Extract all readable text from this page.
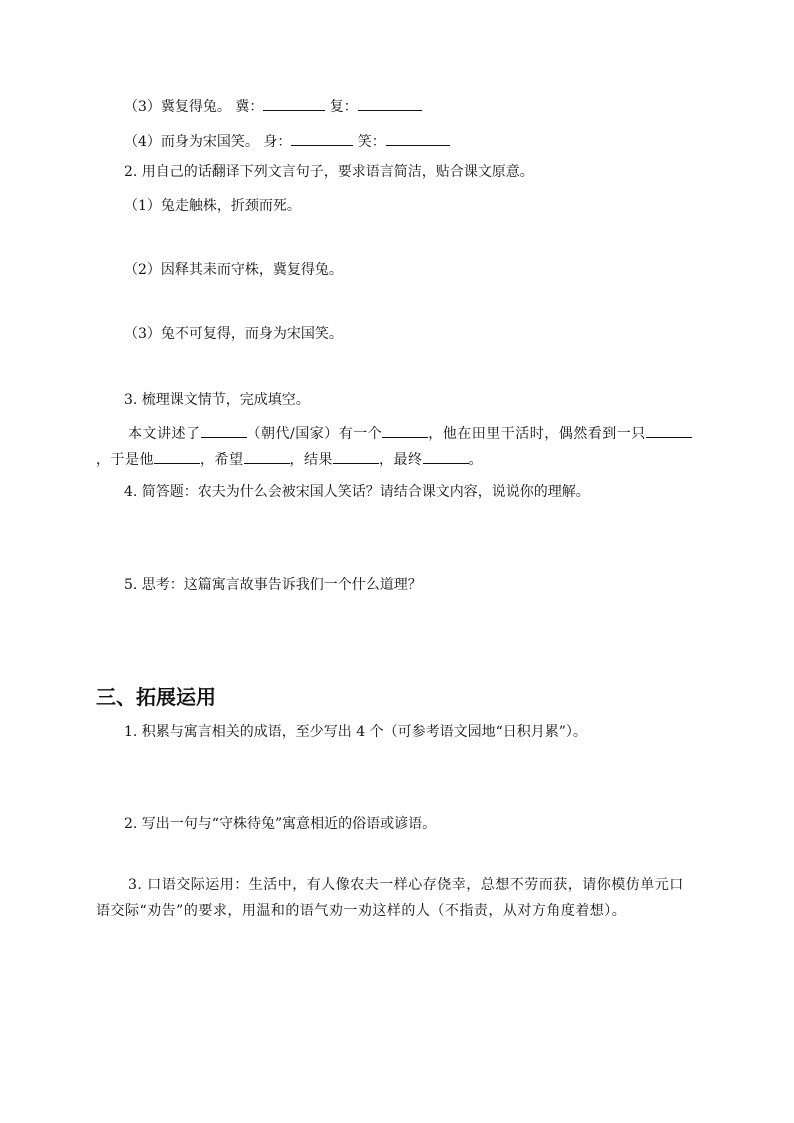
（3）冀复得兔。 冀：	复：
（4）而身为宋国笑。 身：	笑：
2. 用自己的话翻译下列文言句子，要求语言简洁，贴合课文原意。
（1）兔走触株，折颈而死。
（2）因释其耒而守株，冀复得兔。
（3）兔不可复得，而身为宋国笑。
3. 梳理课文情节，完成填空。
本文讲述了	（朝代/国家）有一个	，他在田里干活时，偶然看到一只，于是他	，希望	，结果	，最终	。
4. 简答题：农夫为什么会被宋国人笑话？请结合课文内容，说说你的理解。
5. 思考：这篇寓言故事告诉我们一个什么道理？
三、拓展运用
1. 积累与寓言相关的成语，至少写出 4 个（可参考语文园地“日积月累”）。
2. 写出一句与“守株待兔”寓意相近的俗语或谚语。
3. 口语交际运用：生活中，有人像农夫一样心存侥幸，总想不劳而获，请你模仿单元口语交际“劝告”的要求，用温和的语气劝一劝这样的人（不指责，从对方角度着想）。
